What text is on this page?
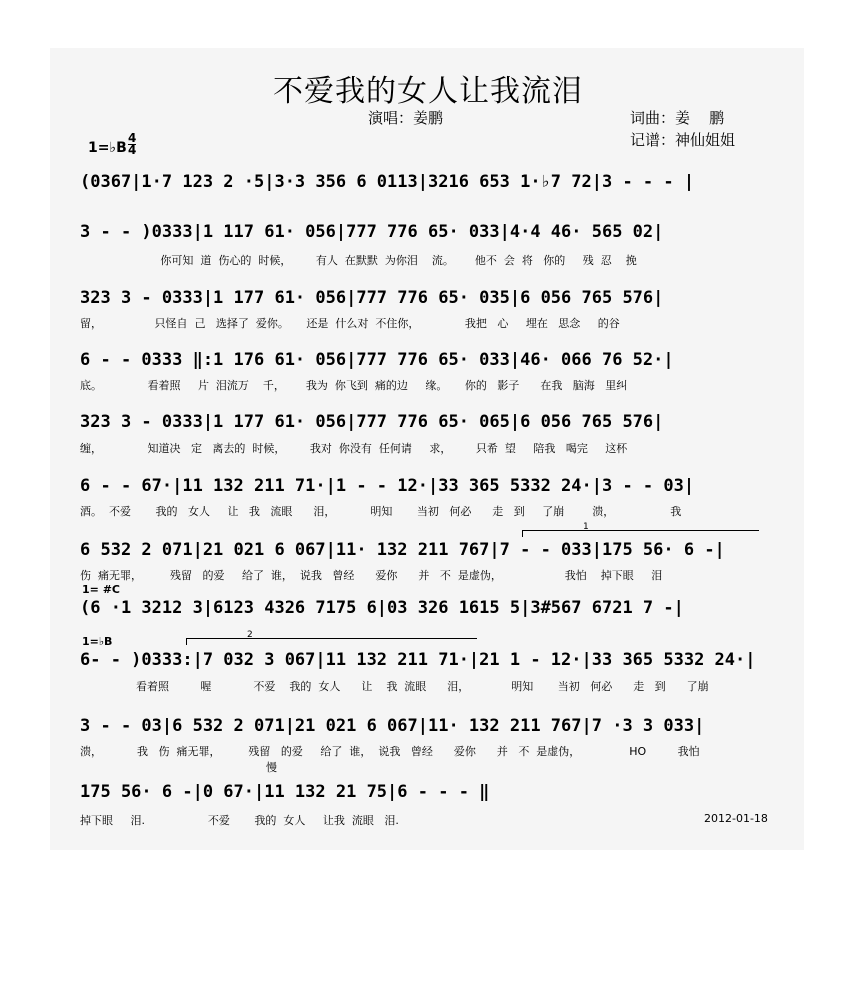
不爱我的女人让我流泪
演唱：姜鹏	词曲：姜    鹏
记谱：神仙姐姐
1=♭B
4
4
(0367|1·7 123 2 ·5|3·3 356 6 0113|3216 653 1·♭7 72|3 - - - |
3 - - )0333|1 117 61· 056|777 776 65· 033|4·4 46· 565 02|
你可知  道  伤心的  时候，       有人  在默默  为你泪    流。      他不  会  将   你的     残  忍    挽
323 3 - 0333|1 177 61· 056|777 776 65· 035|6 056 765 576|
留，               只怪自  己   选择了  爱你。     还是  什么对  不住你，             我把   心     埋在   思念     的谷
6 - - 0333 ‖:1 176 61· 056|777 776 65· 033|46· 066 76 52·|
底。             看着照     片  泪流万    千，      我为  你飞到  痛的边     缘。     你的   影子      在我   脑海   里纠
323 3 - 0333|1 177 61· 056|777 776 65· 065|6 056 765 576|
缠，             知道决   定   离去的  时候，       我对  你没有  任何请     求，       只希  望     陪我   喝完     这杯
6 - - 67·|11 132 211 71·|1 - - 12·|33 365 5332 24·|3 - - 03|
酒。  不爱       我的   女人     让   我   流眼      泪，          明知       当初   何必      走   到     了崩        溃，                我
1
6 532 2 071|21 021 6 067|11· 132 211 767|7 - - 033|175 56· 6 -|
伤  痛无罪，        残留   的爱     给了  谁，  说我   曾经      爱你      并   不  是虚伪，                  我怕    掉下眼     泪
1= #C
(6 ·1 3212 3|6123 4326 7175 6|03 326 1615 5|3#567 6721 7 -|
1=♭B	2
6- - )0333:|7 032 3 067|11 132 211 71·|21 1 - 12·|33 365 5332 24·|
看着照         喔            不爱    我的  女人      让    我  流眼      泪，            明知       当初   何必      走   到      了崩
3 - - 03|6 532 2 071|21 021 6 067|11· 132 211 767|7 ·3 3 033|
溃，          我   伤  痛无罪，        残留   的爱     给了  谁，  说我   曾经      爱你      并   不  是虚伪，              HO         我怕
慢
175 56· 6 -|0 67·|11 132 21 75|6 - - - ‖
掉下眼     泪.                  不爱       我的  女人     让我  流眼   泪.	2012-01-18
